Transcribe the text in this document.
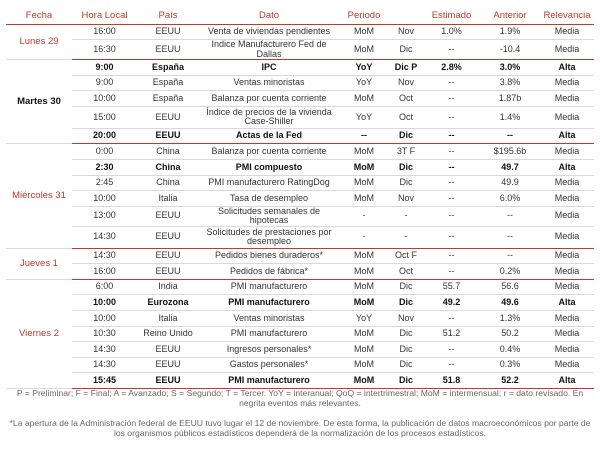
Fecha	Hora Local	País	Dato	Periodo		Estimado	Anterior	Relevancia
Lunes 29	16:00	EEUU	Venta de viviendas pendientes	MoM	Nov	1.0%	1.9%	Media
	16:30	EEUU	Índice Manufacturero Fed de Dallas	MoM	Dic	--	-10.4	Media
Martes 30	9:00	España	IPC	YoY	Dic P	2.8%	3.0%	Alta
	9:00	España	Ventas minoristas	YoY	Nov	--	3.8%	Media
	10:00	España	Balanza por cuenta corriente	MoM	Oct	--	1.87b	Media
	15:00	EEUU	Índice de precios de la vivienda Case-Shiller	YoY	Oct	--	1.4%	Media
	20:00	EEUU	Actas de la Fed	--	Dic	--	--	Alta
Miércoles 31	0:00	China	Balanza por cuenta corriente	MoM	3T F	--	$195.6b	Media
	2:30	China	PMI compuesto	MoM	Dic	--	49.7	Alta
	2:45	China	PMI manufacturero RatingDog	MoM	Dic	--	49.9	Media
	10:00	Italia	Tasa de desempleo	MoM	Nov	--	6.0%	Media
	13:00	EEUU	Solicitudes semanales de hipotecas	-	-	--	--	Media
	14:30	EEUU	Solicitudes de prestaciones por desempleo	-	-	--	--	Media
Jueves 1	14:30	EEUU	Pedidos bienes duraderos*	MoM	Oct F	--	--	Media
	16:00	EEUU	Pedidos de fábrica*	MoM	Oct	--	0.2%	Media
Viernes 2	6:00	India	PMI manufacturero	MoM	Dic	55.7	56.6	Media
	10:00	Eurozona	PMI manufacturero	MoM	Dic	49.2	49.6	Alta
	10:00	Italia	Ventas minoristas	YoY	Nov	--	1.3%	Media
	10:30	Reino Unido	PMI manufacturero	MoM	Dic	51.2	50.2	Media
	14:30	EEUU	Ingresos personales*	MoM	Dic	--	0.4%	Media
	14:30	EEUU	Gastos personales*	MoM	Dic	--	0.3%	Media
	15:45	EEUU	PMI manufacturero	MoM	Dic	51.8	52.2	Alta
P = Preliminar; F = Final; A = Avanzado; S = Segundo; T = Tercer. YoY = interanual; QoQ = intertrimestral; MoM = intermensual; r = dato revisado. En negrita eventos más relevantes.
*La apertura de la Administración federal de EEUU tuvo lugar el 12 de noviembre. De esta forma, la publicación de datos macroeconómicos por parte de los organismos públicos estadísticos dependerá de la normalización de los procesos estadísticos.
